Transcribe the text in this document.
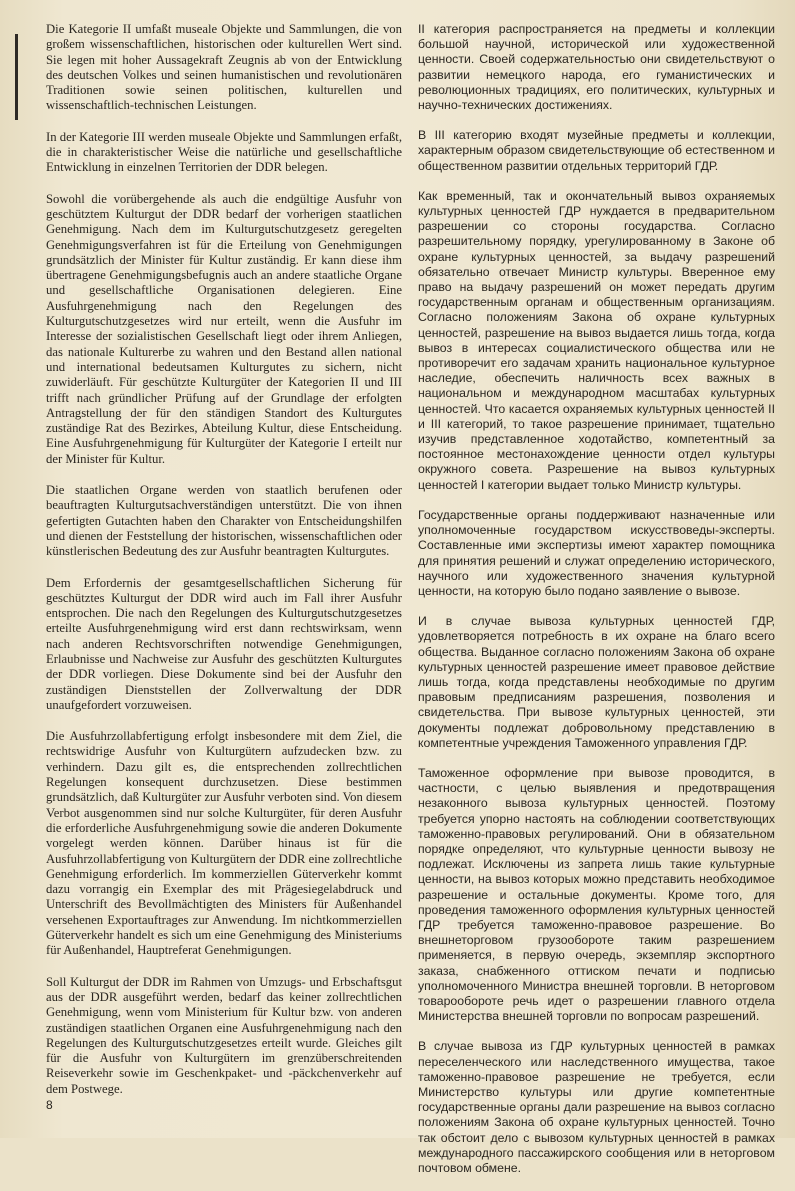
Die Kategorie II umfaßt museale Objekte und Sammlungen, die von großem wissenschaftlichen, historischen oder kulturellen Wert sind. Sie legen mit hoher Aussagekraft Zeugnis ab von der Entwicklung des deutschen Volkes und seinen humanistischen und revolutionären Traditionen sowie seinen politischen, kulturellen und wissenschaftlich-technischen Leistungen.

In der Kategorie III werden museale Objekte und Sammlungen erfaßt, die in charakteristischer Weise die natürliche und gesellschaftliche Entwicklung in einzelnen Territorien der DDR belegen.

Sowohl die vorübergehende als auch die endgültige Ausfuhr von geschütztem Kulturgut der DDR bedarf der vorherigen staatlichen Genehmigung. Nach dem im Kulturgutschutzgesetz geregelten Genehmigungsverfahren ist für die Erteilung von Genehmigungen grundsätzlich der Minister für Kultur zuständig. Er kann diese ihm übertragene Genehmigungsbefugnis auch an andere staatliche Organe und gesellschaftliche Organisationen delegieren. Eine Ausfuhrgenehmigung nach den Regelungen des Kulturgutschutzgesetzes wird nur erteilt, wenn die Ausfuhr im Interesse der sozialistischen Gesellschaft liegt oder ihrem Anliegen, das nationale Kulturerbe zu wahren und den Bestand allen national und international bedeutsamen Kulturgutes zu sichern, nicht zuwiderläuft. Für geschützte Kulturgüter der Kategorien II und III trifft nach gründlicher Prüfung auf der Grundlage der erfolgten Antragstellung der für den ständigen Standort des Kulturgutes zuständige Rat des Bezirkes, Abteilung Kultur, diese Entscheidung. Eine Ausfuhrgenehmigung für Kulturgüter der Kategorie I erteilt nur der Minister für Kultur.

Die staatlichen Organe werden von staatlich berufenen oder beauftragten Kulturgutsachverständigen unterstützt. Die von ihnen gefertigten Gutachten haben den Charakter von Entscheidungshilfen und dienen der Feststellung der historischen, wissenschaftlichen oder künstlerischen Bedeutung des zur Ausfuhr beantragten Kulturgutes.

Dem Erfordernis der gesamtgesellschaftlichen Sicherung für geschütztes Kulturgut der DDR wird auch im Fall ihrer Ausfuhr entsprochen. Die nach den Regelungen des Kulturgutschutzgesetzes erteilte Ausfuhrgenehmigung wird erst dann rechtswirksam, wenn nach anderen Rechtsvorschriften notwendige Genehmigungen, Erlaubnisse und Nachweise zur Ausfuhr des geschützten Kulturgutes der DDR vorliegen. Diese Dokumente sind bei der Ausfuhr den zuständigen Dienststellen der Zollverwaltung der DDR unaufgefordert vorzuweisen.

Die Ausfuhrzollabfertigung erfolgt insbesondere mit dem Ziel, die rechtswidrige Ausfuhr von Kulturgütern aufzudecken bzw. zu verhindern. Dazu gilt es, die entsprechenden zollrechtlichen Regelungen konsequent durchzusetzen. Diese bestimmen grundsätzlich, daß Kulturgüter zur Ausfuhr verboten sind. Von diesem Verbot ausgenommen sind nur solche Kulturgüter, für deren Ausfuhr die erforderliche Ausfuhrgenehmigung sowie die anderen Dokumente vorgelegt werden können. Darüber hinaus ist für die Ausfuhrzollabfertigung von Kulturgütern der DDR eine zollrechtliche Genehmigung erforderlich. Im kommerziellen Güterverkehr kommt dazu vorrangig ein Exemplar des mit Prägesiegelabdruck und Unterschrift des Bevollmächtigten des Ministers für Außenhandel versehenen Exportauftrages zur Anwendung. Im nichtkommerziellen Güterverkehr handelt es sich um eine Genehmigung des Ministeriums für Außenhandel, Hauptreferat Genehmigungen.

Soll Kulturgut der DDR im Rahmen von Umzugs- und Erbschaftsgut aus der DDR ausgeführt werden, bedarf das keiner zollrechtlichen Genehmigung, wenn vom Ministerium für Kultur bzw. von anderen zuständigen staatlichen Organen eine Ausfuhrgenehmigung nach den Regelungen des Kulturgutschutzgesetzes erteilt wurde. Gleiches gilt für die Ausfuhr von Kulturgütern im grenzüberschreitenden Reiseverkehr sowie im Geschenkpaket- und -päckchenverkehr auf dem Postwege.

II категория распространяется на предметы и коллекции большой научной, исторической или художественной ценности. Своей содержательностью они свидетельствуют о развитии немецкого народа, его гуманистических и революционных традициях, его политических, культурных и научно-технических достижениях.

В III категорию входят музейные предметы и коллекции, характерным образом свидетельствующие об естественном и общественном развитии отдельных территорий ГДР.

Как временный, так и окончательный вывоз охраняемых культурных ценностей ГДР нуждается в предварительном разрешении со стороны государства. Согласно разрешительному порядку, урегулированному в Законе об охране культурных ценностей, за выдачу разрешений обязательно отвечает Министр культуры. Вверенное ему право на выдачу разрешений он может передать другим государственным органам и общественным организациям. Согласно положениям Закона об охране культурных ценностей, разрешение на вывоз выдается лишь тогда, когда вывоз в интересах социалистического общества или не противоречит его задачам хранить национальное культурное наследие, обеспечить наличность всех важных в национальном и международном масштабах культурных ценностей. Что касается охраняемых культурных ценностей II и III категорий, то такое разрешение принимает, тщательно изучив представленное ходотайство, компетентный за постоянное местонахождение ценности отдел культуры окружного совета. Разрешение на вывоз культурных ценностей I категории выдает только Министр культуры.

Государственные органы поддерживают назначенные или уполномоченные государством искусствоведы-эксперты. Составленные ими экспертизы имеют характер помощника для принятия решений и служат определению исторического, научного или художественного значения культурной ценности, на которую было подано заявление о вывозе.

И в случае вывоза культурных ценностей ГДР, удовлетворяется потребность в их охране на благо всего общества. Выданное согласно положениям Закона об охране культурных ценностей разрешение имеет правовое действие лишь тогда, когда представлены необходимые по другим правовым предписаниям разрешения, позволения и свидетельства. При вывозе культурных ценностей, эти документы подлежат добровольному представлению в компетентные учреждения Таможенного управления ГДР.

Таможенное оформление при вывозе проводится, в частности, с целью выявления и предотвращения незаконного вывоза культурных ценностей. Поэтому требуется упорно настоять на соблюдении соответствующих таможенно-правовых регулирований. Они в обязательном порядке определяют, что культурные ценности вывозу не подлежат. Исключены из запрета лишь такие культурные ценности, на вывоз которых можно представить необходимое разрешение и остальные документы. Кроме того, для проведения таможенного оформления культурных ценностей ГДР требуется таможенно-правовое разрешение. Во внешнеторговом грузообороте таким разрешением применяется, в первую очередь, экземпляр экспортного заказа, снабженного оттиском печати и подписью уполномоченного Министра внешней торговли. В неторговом товарообороте речь идет о разрешении главного отдела Министерства внешней торговли по вопросам разрешений.

В случае вывоза из ГДР культурных ценностей в рамках переселенческого или наследственного имущества, такое таможенно-правовое разрешение не требуется, если Министерство культуры или другие компетентные государственные органы дали разрешение на вывоз согласно положениям Закона об охране культурных ценностей. Точно так обстоит дело с вывозом культурных ценностей в рамках международного пассажирского сообщения или в неторговом почтовом обмене.

8
